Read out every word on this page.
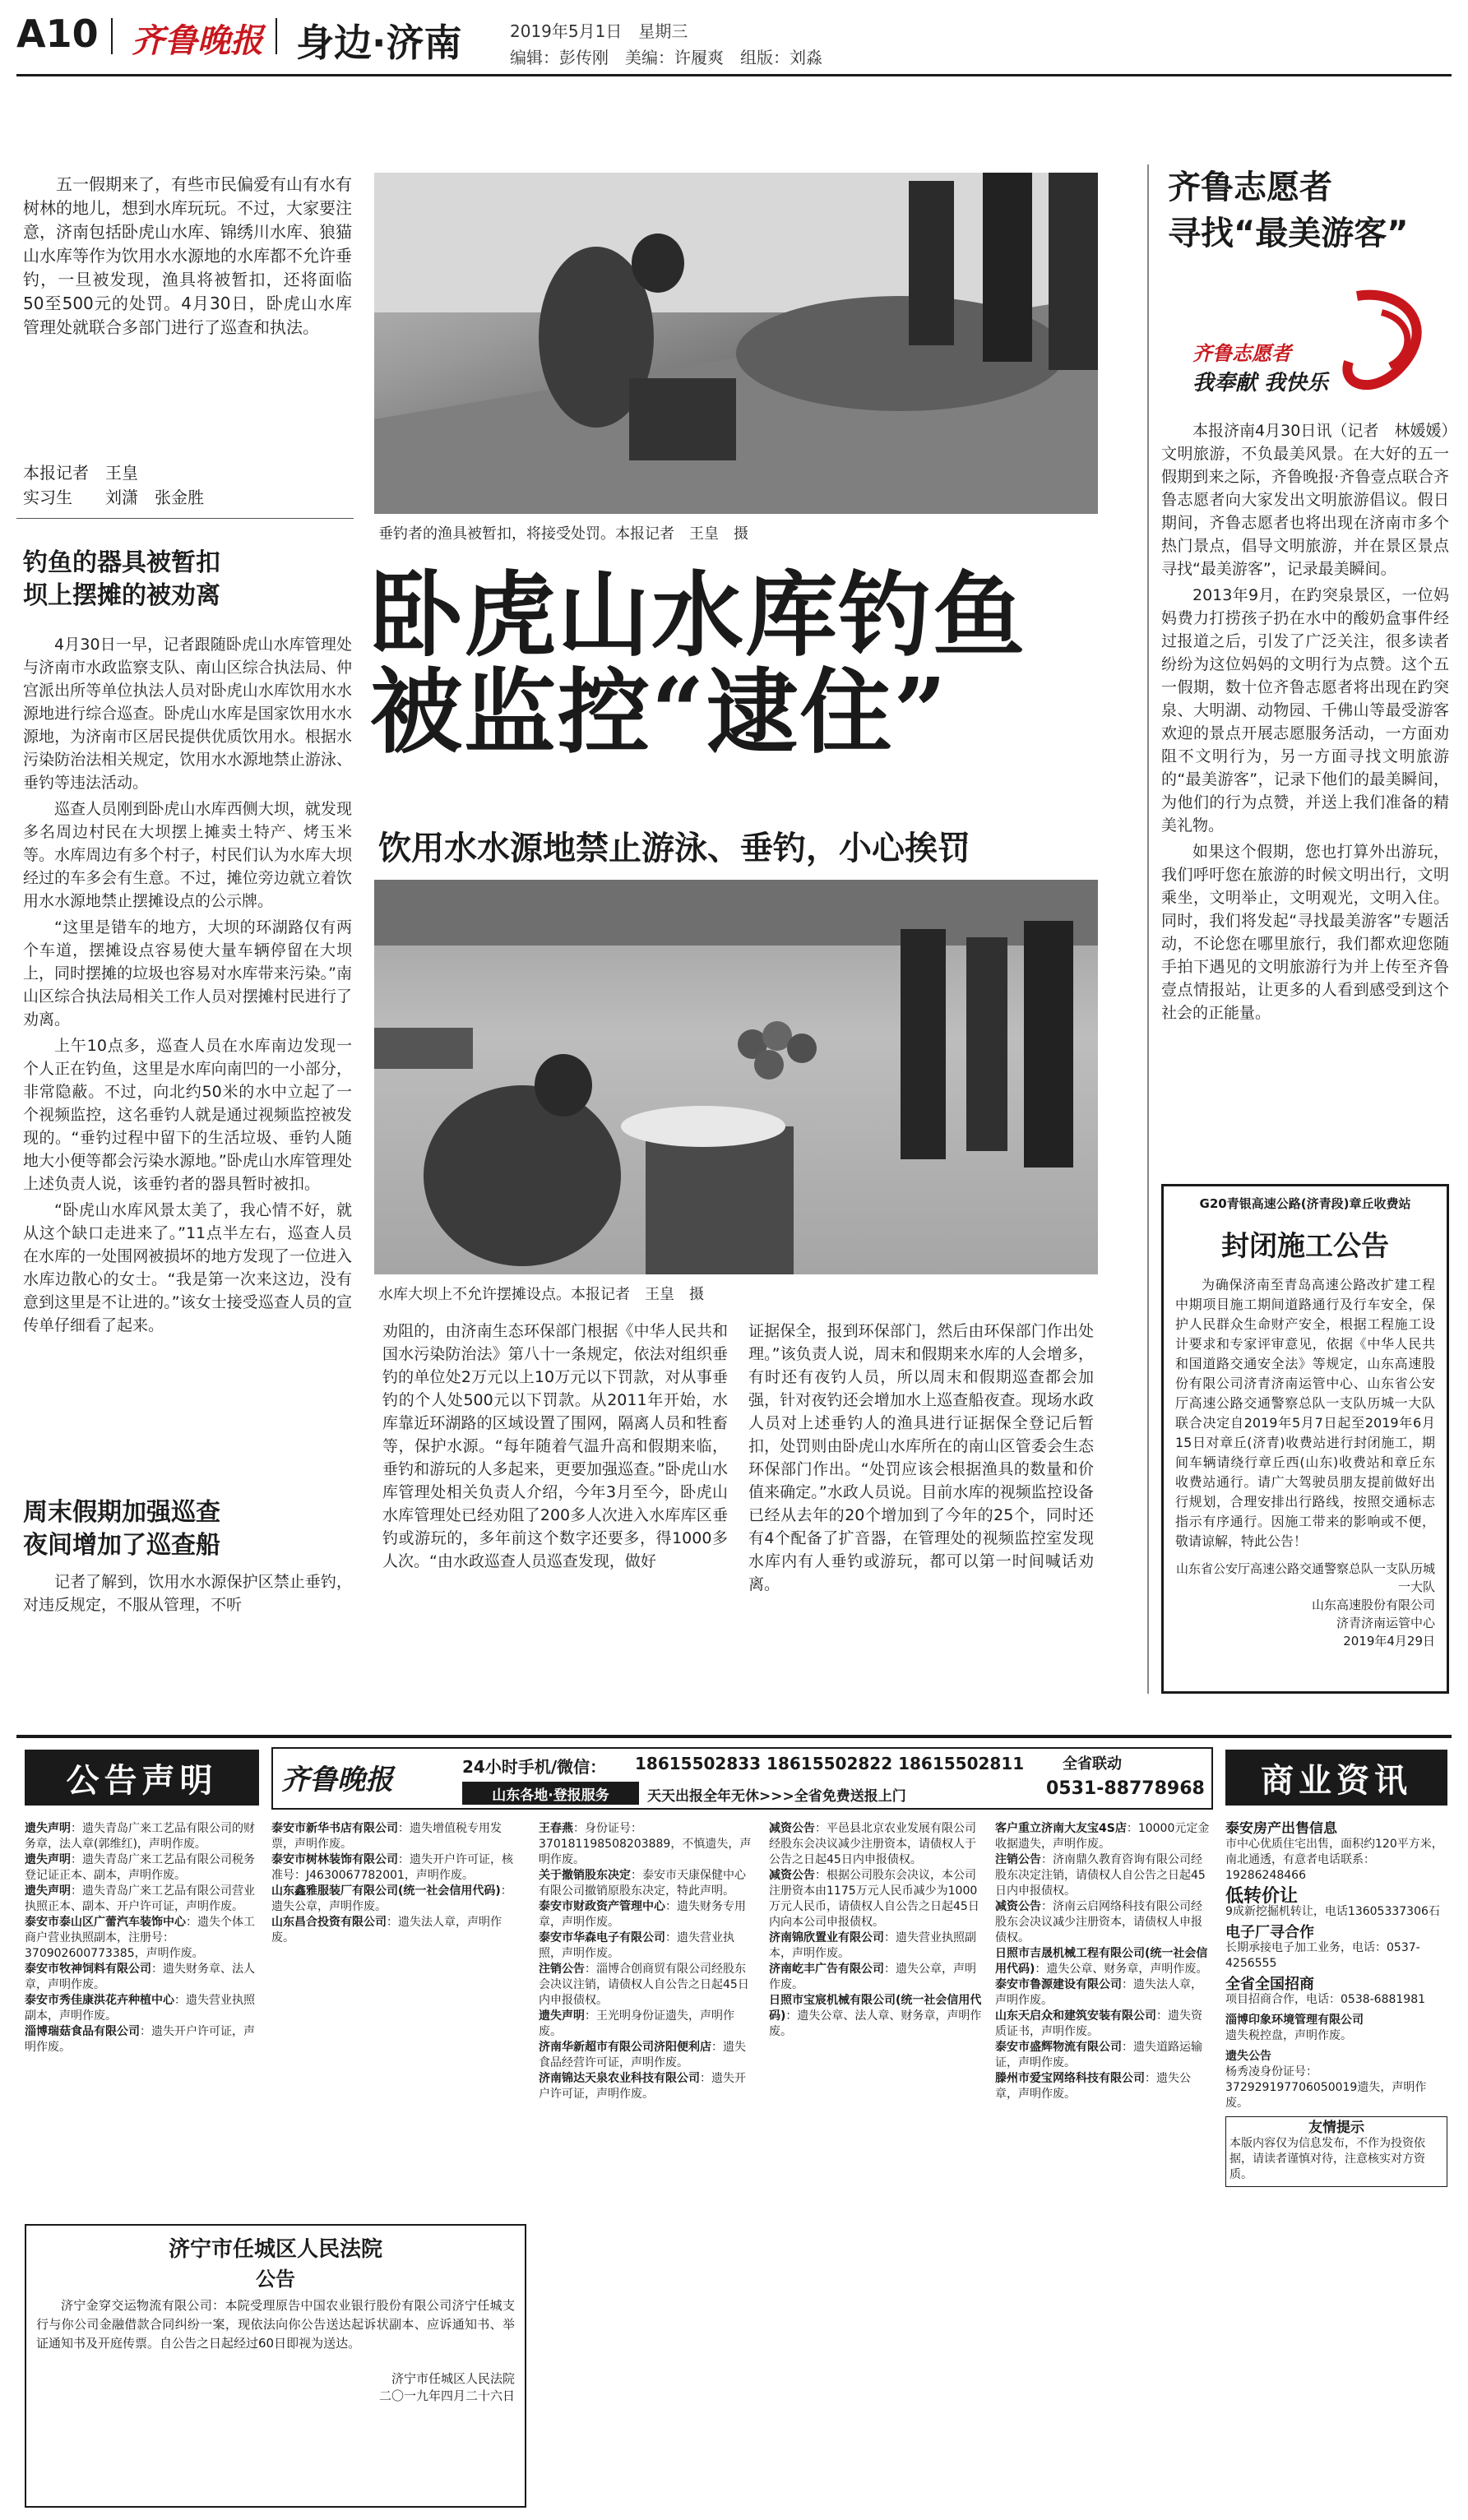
A10 齐鲁晚报 身边·济南	2019年5月1日　星期三
编辑：彭传刚　美编：许履爽　组版：刘淼
五一假期来了，有些市民偏爱有山有水有树林的地儿，想到水库玩玩。不过，大家要注意，济南包括卧虎山水库、锦绣川水库、狼猫山水库等作为饮用水水源地的水库都不允许垂钓，一旦被发现，渔具将被暂扣，还将面临50至500元的处罚。4月30日，卧虎山水库管理处就联合多部门进行了巡查和执法。
本报记者　王皇
实习生　　刘潇　张金胜
垂钓者的渔具被暂扣，将接受处罚。本报记者　王皇　摄
卧虎山水库钓鱼
被监控“逮住”
饮用水水源地禁止游泳、垂钓，小心挨罚
钓鱼的器具被暂扣
坝上摆摊的被劝离

4月30日一早，记者跟随卧虎山水库管理处与济南市水政监察支队、南山区综合执法局、仲宫派出所等单位执法人员对卧虎山水库饮用水水源地进行综合巡查。卧虎山水库是国家饮用水水源地，为济南市区居民提供优质饮用水。根据水污染防治法相关规定，饮用水水源地禁止游泳、垂钓等违法活动。

巡查人员刚到卧虎山水库西侧大坝，就发现多名周边村民在大坝摆上摊卖土特产、烤玉米等。水库周边有多个村子，村民们认为水库大坝经过的车多会有生意。不过，摊位旁边就立着饮用水水源地禁止摆摊设点的公示牌。

“这里是错车的地方，大坝的环湖路仅有两个车道，摆摊设点容易使大量车辆停留在大坝上，同时摆摊的垃圾也容易对水库带来污染。”南山区综合执法局相关工作人员对摆摊村民进行了劝离。

上午10点多，巡查人员在水库南边发现一个人正在钓鱼，这里是水库向南凹的一小部分，非常隐蔽。不过，向北约50米的水中立起了一个视频监控，这名垂钓人就是通过视频监控被发现的。“垂钓过程中留下的生活垃圾、垂钓人随地大小便等都会污染水源地。”卧虎山水库管理处上述负责人说，该垂钓者的器具暂时被扣。

“卧虎山水库风景太美了，我心情不好，就从这个缺口走进来了。”11点半左右，巡查人员在水库的一处围网被损坏的地方发现了一位进入水库边散心的女士。“我是第一次来这边，没有意到这里是不让进的。”该女士接受巡查人员的宣传单仔细看了起来。

周末假期加强巡查
夜间增加了巡查船
记者了解到，饮用水水源保护区禁止垂钓，对违反规定，不服从管理，不听
水库大坝上不允许摆摊设点。本报记者　王皇　摄
劝阻的，由济南生态环保部门根据《中华人民共和国水污染防治法》第八十一条规定，依法对组织垂钓的单位处2万元以上10万元以下罚款，对从事垂钓的个人处500元以下罚款。从2011年开始，水库靠近环湖路的区域设置了围网，隔离人员和牲畜等，保护水源。“每年随着气温升高和假期来临，垂钓和游玩的人多起来，更要加强巡查。”卧虎山水库管理处相关负责人介绍，今年3月至今，卧虎山水库管理处已经劝阻了200多人次进入水库库区垂钓或游玩的，多年前这个数字还要多，得1000多人次。“由水政巡查人员巡查发现，做好
证据保全，报到环保部门，然后由环保部门作出处理。”该负责人说，周末和假期来水库的人会增多，有时还有夜钓人员，所以周末和假期巡查都会加强，针对夜钓还会增加水上巡查船夜查。现场水政人员对上述垂钓人的渔具进行证据保全登记后暂扣，处罚则由卧虎山水库所在的南山区管委会生态环保部门作出。“处罚应该会根据渔具的数量和价值来确定。”水政人员说。目前水库的视频监控设备已经从去年的20个增加到了今年的25个，同时还有4个配备了扩音器，在管理处的视频监控室发现水库内有人垂钓或游玩，都可以第一时间喊话劝离。
齐鲁志愿者
寻找“最美游客”
齐鲁志愿者
我奉献 我快乐

本报济南4月30日讯（记者　林媛媛）文明旅游，不负最美风景。在大好的五一假期到来之际，齐鲁晚报·齐鲁壹点联合齐鲁志愿者向大家发出文明旅游倡议。假日期间，齐鲁志愿者也将出现在济南市多个热门景点，倡导文明旅游，并在景区景点寻找“最美游客”，记录最美瞬间。

2013年9月，在趵突泉景区，一位妈妈费力打捞孩子扔在水中的酸奶盒事件经过报道之后，引发了广泛关注，很多读者纷纷为这位妈妈的文明行为点赞。这个五一假期，数十位齐鲁志愿者将出现在趵突泉、大明湖、动物园、千佛山等最受游客欢迎的景点开展志愿服务活动，一方面劝阻不文明行为，另一方面寻找文明旅游的“最美游客”，记录下他们的最美瞬间，为他们的行为点赞，并送上我们准备的精美礼物。

如果这个假期，您也打算外出游玩，我们呼吁您在旅游的时候文明出行，文明乘坐，文明举止，文明观光，文明入住。同时，我们将发起“寻找最美游客”专题活动，不论您在哪里旅行，我们都欢迎您随手拍下遇见的文明旅游行为并上传至齐鲁壹点情报站，让更多的人看到感受到这个社会的正能量。

G20青银高速公路(济青段)章丘收费站
封闭施工公告
为确保济南至青岛高速公路改扩建工程中期项目施工期间道路通行及行车安全，保护人民群众生命财产安全，根据工程施工设计要求和专家评审意见，依据《中华人民共和国道路交通安全法》等规定，山东高速股份有限公司济青济南运管中心、山东省公安厅高速公路交通警察总队一支队历城一大队联合决定自2019年5月7日起至2019年6月15日对章丘(济青)收费站进行封闭施工，期间车辆请绕行章丘西(山东)收费站和章丘东收费站通行。请广大驾驶员朋友提前做好出行规划，合理安排出行路线，按照交通标志指示有序通行。因施工带来的影响或不便，敬请谅解，特此公告！
山东省公安厅高速公路交通警察总队一支队历城一大队
山东高速股份有限公司
济青济南运管中心
2019年4月29日
公告声明	齐鲁晚报	24小时手机/微信： 18615502833 18615502822 18615502811	全省联动
山东各地·登报服务	天天出报全年无休>>>全省免费送报上门	0531-88778968	商业资讯
遗失声明：遗失青岛广来工艺品有限公司的财务章，法人章(郭维红)，声明作废。
遗失声明：遗失青岛广来工艺品有限公司税务登记证正本、副本，声明作废。
遗失声明：遗失青岛广来工艺品有限公司营业执照正本、副本、开户许可证，声明作废。
泰安市泰山区广蕾汽车装饰中心：遗失个体工商户营业执照副本，注册号：370902600773385，声明作废。
泰安市牧神饲料有限公司：遗失财务章、法人章，声明作废。
泰安市秀佳康洪花卉种植中心：遗失营业执照副本，声明作废。
淄博瑞菇食品有限公司：遗失开户许可证，声明作废。
济宁市任城区人民法院
公告
济宁金穿交运物流有限公司：本院受理原告中国农业银行股份有限公司济宁任城支行与你公司金融借款合同纠纷一案，现依法向你公告送达起诉状副本、应诉通知书、举证通知书及开庭传票。自公告之日起经过60日即视为送达。
济宁市任城区人民法院
二〇一九年四月二十六日
泰安市新华书店有限公司：遗失增值税专用发票，声明作废。
泰安市树林装饰有限公司：遗失开户许可证，核准号：J4630067782001，声明作废。
山东鑫雅服装厂有限公司(统一社会信用代码)：遗失公章，声明作废。
山东昌合投资有限公司：遗失法人章，声明作废。
王春燕：身份证号：370181198508203889，不慎遗失，声明作废。
关于撤销股东决定：泰安市天康保健中心有限公司撤销原股东决定，特此声明。
泰安市财政资产管理中心：遗失财务专用章，声明作废。
泰安市华森电子有限公司：遗失营业执照，声明作废。
注销公告：淄博合创商贸有限公司经股东会决议注销，请债权人自公告之日起45日内申报债权。
遗失声明：王光明身份证遗失，声明作废。
济南华新超市有限公司济阳便利店：遗失食品经营许可证，声明作废。
济南锦达天泉农业科技有限公司：遗失开户许可证，声明作废。
减资公告：平邑县北京农业发展有限公司经股东会决议减少注册资本，请债权人于公告之日起45日内申报债权。
减资公告：根据公司股东会决议，本公司注册资本由1175万元人民币减少为1000万元人民币，请债权人自公告之日起45日内向本公司申报债权。
济南锦欣置业有限公司：遗失营业执照副本，声明作废。
济南屹丰广告有限公司：遗失公章，声明作废。
日照市宝宸机械有限公司(统一社会信用代码)：遗失公章、法人章、财务章，声明作废。
客户重立济南大友宝4S店：10000元定金收据遗失，声明作废。
注销公告：济南鼎久教育咨询有限公司经股东决定注销，请债权人自公告之日起45日内申报债权。
减资公告：济南云启网络科技有限公司经股东会决议减少注册资本，请债权人申报债权。
日照市吉晟机械工程有限公司(统一社会信用代码)：遗失公章、财务章，声明作废。
泰安市鲁源建设有限公司：遗失法人章，声明作废。
山东天启众和建筑安装有限公司：遗失资质证书，声明作废。
泰安市盛辉物流有限公司：遗失道路运输证，声明作废。
滕州市爱宝网络科技有限公司：遗失公章，声明作废。
泰安房产出售信息
市中心优质住宅出售，面积约120平方米，南北通透，有意者电话联系：19286248466
低转价让
9成新挖掘机转让，电话13605337306石
电子厂寻合作
长期承接电子加工业务，电话：0537-4256555
全省全国招商
项目招商合作，电话：0538-6881981
淄博印象环境管理有限公司
遗失税控盘，声明作废。
遗失公告
杨秀凌身份证号：372929197706050019遗失，声明作废。
友情提示
本版内容仅为信息发布，不作为投资依据，请读者谨慎对待，注意核实对方资质。
